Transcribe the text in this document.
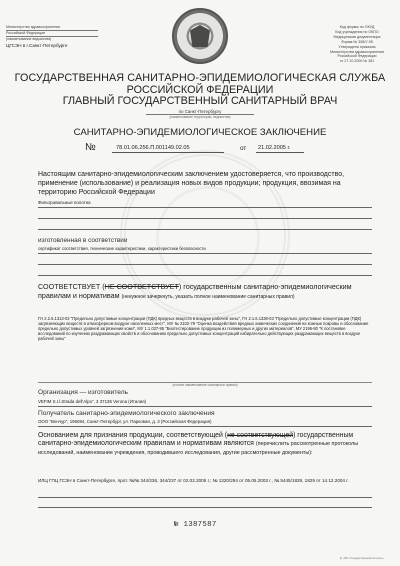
Министерство здравоохранения
Российской Федерации
(наименование ведомства)
ЦГСЭН в г.Санкт-Петербурге
Код формы по ОКУД
Код учреждения по ОКПО
Медицинская документация
Форма № 308/У-95
Утверждена приказом
Министерства здравоохранения
Российской Федерации
от 27.10.2000 № 381
ГОСУДАРСТВЕННАЯ САНИТАРНО-ЭПИДЕМИОЛОГИЧЕСКАЯ СЛУЖБА
РОССИЙСКОЙ ФЕДЕРАЦИИ
ГЛАВНЫЙ ГОСУДАРСТВЕННЫЙ САНИТАРНЫЙ ВРАЧ
по Санкт-Петербургу
(наименование территории, ведомства)
САНИТАРНО-ЭПИДЕМИОЛОГИЧЕСКОЕ ЗАКЛЮЧЕНИЕ
№	78.01.06.256.П.001149.02.05	от 21.02.2005 г.
Настоящим санитарно-эпидемиологическим заключением удостоверяется, что производство, применение (использование) и реализация новых видов продукции; продукция, ввозимая на территорию Российской Федерации
Фильтровальные полотна
изготовленная в соответствии
сертификат соответствия, технические характеристики, характеристики безопасности
СООТВЕТСТВУЕТ (НЕ СООТВЕТСТВУЕТ) государственным санитарно-эпидемиологическим правилам и нормативам (ненужное зачеркнуть, указать полное наименование санитарных правил)
ГН 2.2.5.1313-03 "Предельно допустимые концентрации (ПДК) вредных веществ в воздухе рабочей зоны", ГН 2.1.6.1338-03 "Предельно допустимые концентрации (ПДК) загрязняющих веществ в атмосферном воздухе населенных мест", МУ № 2102-79 "Оценка воздействия вредных химических соединений на кожные покровы и обоснование предельно допустимых уровней загрязнения кожи", МУ 1.1.037-95 "Биотестирование продукции из полимерных и других материалов", МУ 2196-80 "К постановке исследований по изучению раздражающих свойств и обоснованию предельно допустимых концентраций избирательно действующих раздражающих веществ в воздухе рабочей зоны"
(полное наименование санитарных правил)
Организация — изготовитель
VEFIM S.r.l.Strada dell'Alpo", 3 37136 Verona (Италия)
Получатель санитарно-эпидемиологического заключения
ООО "Венчур", 196084, Санкт-Петербург, ул. Парковая, д. 3 (Российская Федерация)
Основанием для признания продукции, соответствующей (не соответствующей) государственным санитарно-эпидемиологическим правилам и нормативам являются (перечислить рассмотренные протоколы исследований, наименование учреждения, проводившего исследования, другие рассмотренные документы):
ИЛЦ ГПЦ ГСЭН в Санкт-Петербурге, прот. №№ 344/236, 344/237 от 02.02.2005 г.; № 1320/294 от 05.05.2003 г., № 5445/1828, 1829 от 14.12.2004 г.
№ 1387587
ф. 308 «Государственный контроль»
